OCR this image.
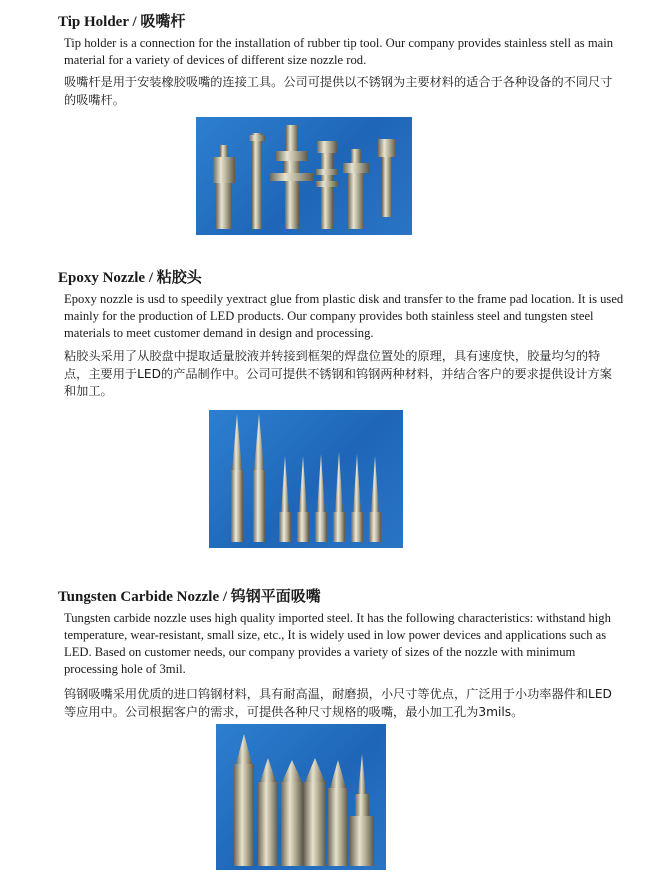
Tip Holder / 吸嘴杆
Tip holder is a connection for the installation of rubber tip tool. Our company provides stainless stell as main material for a variety of devices of different size nozzle rod.
吸嘴杆是用于安装橡胶吸嘴的连接工具。公司可提供以不锈钢为主要材料的适合于各种设备的不同尺寸的吸嘴杆。
Epoxy Nozzle / 粘胶头
Epoxy nozzle is usd to speedily yextract glue from plastic disk and transfer to the frame pad location. It is used mainly for the production of LED products. Our company provides both stainless steel and tungsten steel materials to meet customer demand in design and processing.
粘胶头采用了从胶盘中提取适量胶液并转接到框架的焊盘位置处的原理，具有速度快，胶量均匀的特点，主要用于LED的产品制作中。公司可提供不锈钢和钨钢两种材料，并结合客户的要求提供设计方案和加工。
Tungsten Carbide Nozzle / 钨钢平面吸嘴
Tungsten carbide nozzle uses high quality imported steel. It has the following characteristics: withstand high temperature, wear-resistant, small size, etc., It is widely used in low power devices and applications such as LED. Based on customer needs, our company provides a variety of sizes of the nozzle with minimum processing hole of 3mil.
钨钢吸嘴采用优质的进口钨钢材料，具有耐高温，耐磨损，小尺寸等优点，广泛用于小功率器件和LED等应用中。公司根据客户的需求，可提供各种尺寸规格的吸嘴，最小加工孔为3mils。
